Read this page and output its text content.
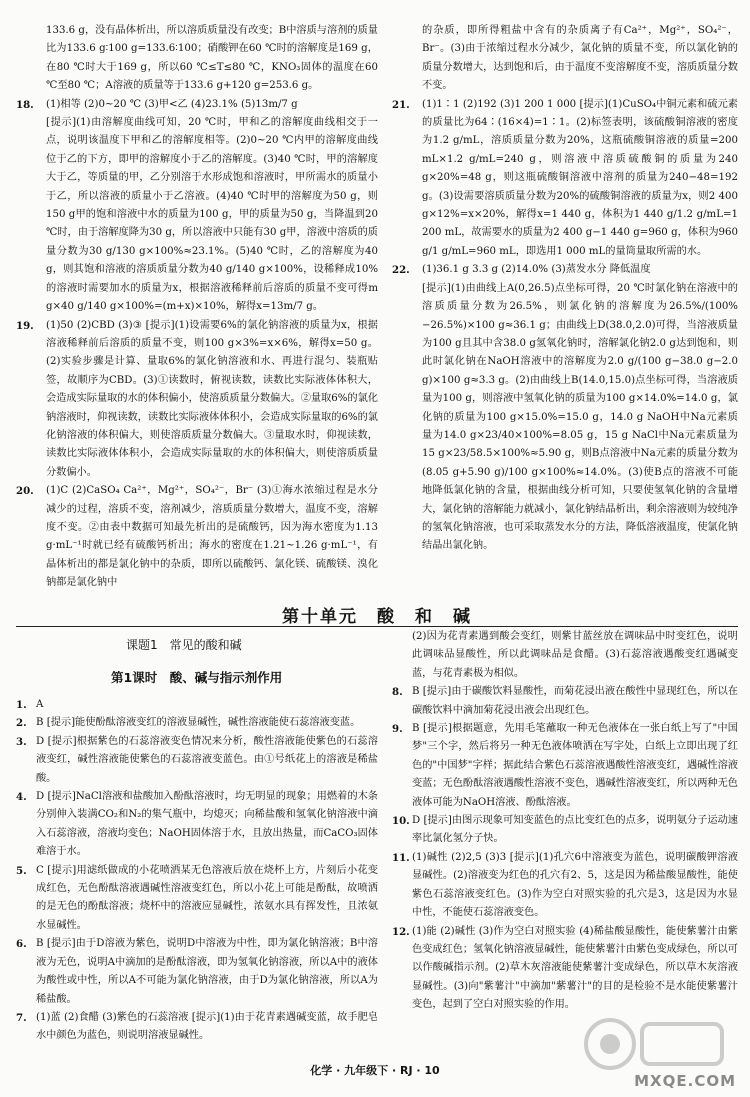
133.6 g，没有晶体析出，所以溶质质量没有改变；B中溶质与溶剂的质量比为133.6 g∶100 g=133.6∶100；硝酸钾在60 ℃时的溶解度是169 g，在80 ℃时大于169 g，所以60 ℃≤T≤80 ℃，KNO₃固体的温度在60 ℃至80 ℃；A溶液的质量等于133.6 g+120 g=253.6 g。
18.	(1)相等 (2)0~20 ℃ (3)甲<乙 (4)23.1% (5)13m/7 g
[提示](1)由溶解度曲线可知，20 ℃时，甲和乙的溶解度曲线相交于一点，说明该温度下甲和乙的溶解度相等。(2)0~20 ℃内甲的溶解度曲线位于乙的下方，即甲的溶解度小于乙的溶解度。(3)40 ℃时，甲的溶解度大于乙，等质量的甲，乙分别溶于水形成饱和溶液时，甲所需水的质量小于乙，所以溶液的质量小于乙溶液。(4)40 ℃时甲的溶解度为50 g，则150 g甲的饱和溶液中水的质量为100 g，甲的质量为50 g，当降温到20 ℃时，由于溶解度降为30 g，所以溶液中只能有30 g甲，溶液中溶质的质量分数为30 g/130 g×100%≈23.1%。(5)40 ℃时，乙的溶解度为40 g，则其饱和溶液的溶质质量分数为40 g/140 g×100%，设稀释成10%的溶液时需要加水的质量为x，根据溶液稀释前后溶质的质量不变可得m g×40 g/140 g×100%=(m+x)×10%，解得x=13m/7 g。
19.	(1)50 (2)CBD (3)③ [提示](1)设需要6%的氯化钠溶液的质量为x，根据溶液稀释前后溶质的质量不变，则100 g×3%=x×6%，解得x=50 g。(2)实验步骤是计算、量取6%的氯化钠溶液和水、再进行混匀、装瓶贴签，故顺序为CBD。(3)①读数时，俯视读数，读数比实际液体体积大，会造成实际量取的水的体积偏小，使溶质质量分数偏大。②量取6%的氯化钠溶液时，仰视读数，读数比实际液体体积小，会造成实际量取的6%的氯化钠溶液的体积偏大，则使溶质质量分数偏大。③量取水时，仰视读数，读数比实际液体体积小，会造成实际量取的水的体积偏大，则使溶质质量分数偏小。
20.	(1)C (2)CaSO₄ Ca²⁺，Mg²⁺，SO₄²⁻，Br⁻ (3)①海水浓缩过程是水分减少的过程，溶质不变，溶剂减少，溶质质量分数增大，温度不变，溶解度不变。②由表中数据可知最先析出的是硫酸钙，因为海水密度为1.13 g·mL⁻¹时就已经有硫酸钙析出；海水的密度在1.21~1.26 g·mL⁻¹，有晶体析出的都是氯化钠中的杂质，即所以硫酸钙、氯化镁、硫酸镁、溴化钠都是氯化钠中
的杂质，即所得粗盐中含有的杂质离子有Ca²⁺，Mg²⁺，SO₄²⁻，Br⁻。(3)由于浓缩过程水分减少，氯化钠的质量不变，所以氯化钠的质量分数增大，达到饱和后，由于温度不变溶解度不变，溶质质量分数不变。
21.	(1)1∶1 (2)192 (3)1 200 1 000 [提示](1)CuSO₄中铜元素和硫元素的质量比为64∶(16×4)=1∶1。(2)标签表明，该硫酸铜溶液的密度为1.2 g/mL，溶质质量分数为20%，这瓶硫酸铜溶液的质量=200 mL×1.2 g/mL=240 g，则溶液中溶质硫酸铜的质量为240 g×20%=48 g，则这瓶硫酸铜溶液中溶剂的质量为240−48=192 g。(3)设需要溶质质量分数为20%的硫酸铜溶液的质量为x，则2 400 g×12%=x×20%，解得x=1 440 g，体积为1 440 g/1.2 g/mL=1 200 mL，故需要水的质量为2 400 g−1 440 g=960 g，体积为960 g/1 g/mL=960 mL，即选用1 000 mL的量筒量取所需的水。
22.	(1)36.1 g 3.3 g (2)14.0% (3)蒸发水分 降低温度
[提示](1)由曲线上A(0,26.5)点坐标可得，20 ℃时氯化钠在溶液中的溶质质量分数为26.5%，则氯化钠的溶解度为26.5%/(100%−26.5%)×100 g≈36.1 g；由曲线上D(38.0,2.0)可得，当溶液质量为100 g且其中含38.0 g氢氧化钠时，溶解氯化钠2.0 g达到饱和，则此时氯化钠在NaOH溶液中的溶解度为2.0 g/(100 g−38.0 g−2.0 g)×100 g≈3.3 g。(2)由曲线上B(14.0,15.0)点坐标可得，当溶液质量为100 g，则溶液中氢氧化钠的质量为100 g×14.0%=14.0 g，氯化钠的质量为100 g×15.0%=15.0 g，14.0 g NaOH中Na元素质量为14.0 g×23/40×100%=8.05 g，15 g NaCl中Na元素质量为15 g×23/58.5×100%≈5.90 g，则B点溶液中Na元素的质量分数为(8.05 g+5.90 g)/100 g×100%≈14.0%。(3)使B点的溶液不可能地降低氯化钠的含量，根据曲线分析可知，只要使氢氧化钠的含量增大，氯化钠的溶解能力就减小，氯化钠结晶析出，剩余溶液则为较纯净的氢氧化钠溶液，也可采取蒸发水分的方法，降低溶液温度，使氯化钠结晶出氯化钠。
第十单元　酸　和　碱
课题1　常见的酸和碱
第1课时　酸、碱与指示剂作用
1. A
2. B [提示]能使酚酞溶液变红的溶液显碱性，碱性溶液能使石蕊溶液变蓝。
3. D [提示]根据紫色的石蕊溶液变色情况来分析，酸性溶液能使紫色的石蕊溶液变红，碱性溶液能使紫色的石蕊溶液变蓝色。由①号纸花上的溶液是稀盐酸。
4. D [提示]NaCl溶液和盐酸加入酚酞溶液时，均无明显的现象；用燃着的木条分别伸入装满CO₂和N₂的集气瓶中，均熄灭；向稀盐酸和氢氧化钠溶液中滴入石蕊溶液，溶液均变色；NaOH固体溶于水，且放出热量，而CaCO₃固体难溶于水。
5. C [提示]用滤纸做成的小花喷洒某无色溶液后放在烧杯上方，片刻后小花变成红色，无色酚酞溶液遇碱性溶液变红色，所以小花上可能是酚酞，故喷洒的是无色的酚酞溶液；烧杯中的溶液应显碱性，浓氨水具有挥发性，且浓氨水显碱性。
6. B [提示]由于D溶液为紫色，说明D中溶液为中性，即为氯化钠溶液；B中溶液为无色，说明A中滴加的是酚酞溶液，即为氢氧化钠溶液，所以A中的液体为酸性或中性，所以A不可能为氯化钠溶液，由于D为氯化钠溶液，所以A为稀盐酸。
7. (1)蓝 (2)食醋 (3)紫色的石蕊溶液 [提示](1)由于花青素遇碱变蓝，故手肥皂水中颜色为蓝色，则说明溶液显碱性。
(2)因为花青素遇到酸会变红，则紫甘蓝丝放在调味品中时变红色，说明此调味品显酸性，所以此调味品是食醋。(3)石蕊溶液遇酸变红遇碱变蓝，与花青素极为相似。
8. B [提示]由于碳酸饮料显酸性，而菊花浸出液在酸性中显现红色，所以在碳酸饮料中滴加菊花浸出液会出现红色。
9. B [提示]根据题意，先用毛笔蘸取一种无色液体在一张白纸上写了"中国梦"三个字，然后将另一种无色液体喷洒在写字处，白纸上立即出现了红色的"中国梦"字样；据此结合紫色石蕊溶液遇酸性溶液变红，遇碱性溶液变蓝；无色酚酞溶液遇酸性溶液不变色，遇碱性溶液变红，所以两种无色液体可能为NaOH溶液、酚酞溶液。
10. D [提示]由图示现象可知变蓝色的点比变红色的点多，说明氨分子运动速率比氯化氢分子快。
11. (1)碱性 (2)2,5 (3)3 [提示](1)孔穴6中溶液变为蓝色，说明碳酸钾溶液显碱性。(2)溶液变为红色的孔穴有2、5，这是因为稀盐酸显酸性，能使紫色石蕊溶液变红色。(3)作为空白对照实验的孔穴是3，这是因为水显中性，不能使石蕊溶液变色。
12. (1)能 (2)碱性 (3)作为空白对照实验 (4)稀盐酸显酸性，能使紫薯汁由紫色变成红色；氢氧化钠溶液显碱性，能使紫薯汁由紫色变成绿色，所以可以作酸碱指示剂。(2)草木灰溶液能使紫薯汁变成绿色，所以草木灰溶液显碱性。(3)向"紫薯汁"中滴加"紫薯汁"的目的是检验不是水能使紫薯汁变色，起到了空白对照实验的作用。
MXQE.COM
化学 · 九年级下 · RJ · 10
